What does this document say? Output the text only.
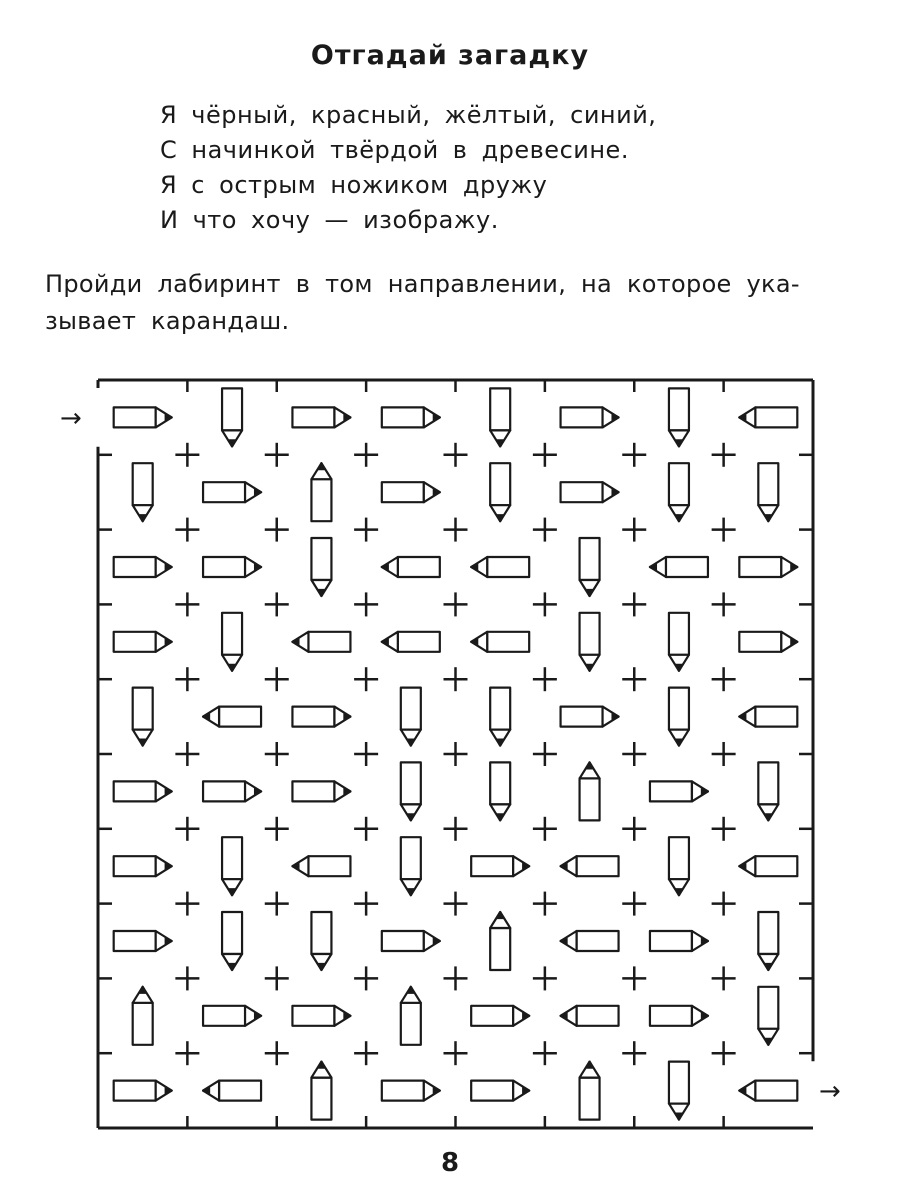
Отгадай загадку
Я чёрный, красный, жёлтый, синий,
С начинкой твёрдой в древесине.
Я с острым ножиком дружу
И что хочу — изображу.
Пройди лабиринт в том направлении, на которое ука-
зывает карандаш.
→
→
8
